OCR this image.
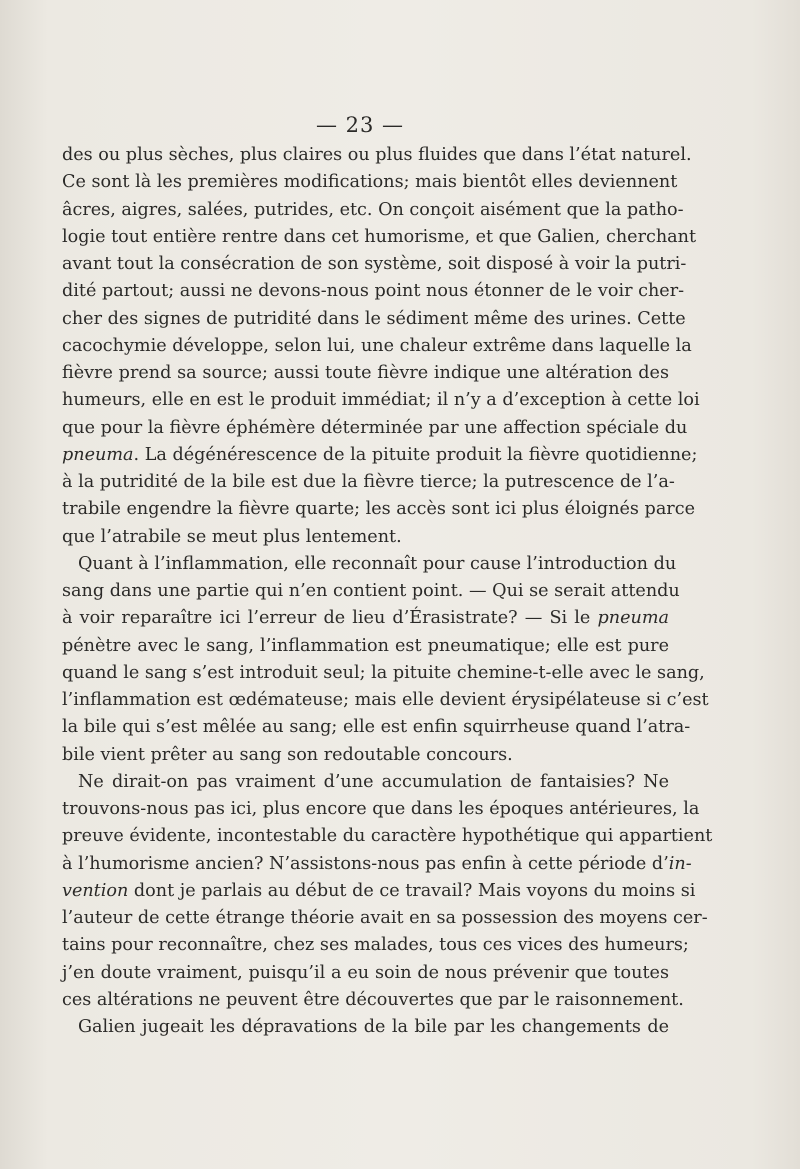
— 23 —
des ou plus sèches, plus claires ou plus fluides que dans l’état naturel.
Ce sont là les premières modifications; mais bientôt elles deviennent
âcres, aigres, salées, putrides, etc. On conçoit aisément que la patho-
logie tout entière rentre dans cet humorisme, et que Galien, cherchant
avant tout la consécration de son système, soit disposé à voir la putri-
dité partout; aussi ne devons-nous point nous étonner de le voir cher-
cher des signes de putridité dans le sédiment même des urines. Cette
cacochymie développe, selon lui, une chaleur extrême dans laquelle la
fièvre prend sa source; aussi toute fièvre indique une altération des
humeurs, elle en est le produit immédiat; il n’y a d’exception à cette loi
que pour la fièvre éphémère déterminée par une affection spéciale du
pneuma. La dégénérescence de la pituite produit la fièvre quotidienne;
à la putridité de la bile est due la fièvre tierce; la putrescence de l’a-
trabile engendre la fièvre quarte; les accès sont ici plus éloignés parce
que l’atrabile se meut plus lentement.
Quant à l’inflammation, elle reconnaît pour cause l’introduction du
sang dans une partie qui n’en contient point. — Qui se serait attendu
à voir reparaître ici l’erreur de lieu d’Érasistrate? — Si le pneuma
pénètre avec le sang, l’inflammation est pneumatique; elle est pure
quand le sang s’est introduit seul; la pituite chemine-t-elle avec le sang,
l’inflammation est œdémateuse; mais elle devient érysipélateuse si c’est
la bile qui s’est mêlée au sang; elle est enfin squirrheuse quand l’atra-
bile vient prêter au sang son redoutable concours.
Ne dirait-on pas vraiment d’une accumulation de fantaisies? Ne
trouvons-nous pas ici, plus encore que dans les époques antérieures, la
preuve évidente, incontestable du caractère hypothétique qui appartient
à l’humorisme ancien? N’assistons-nous pas enfin à cette période d’in-
vention dont je parlais au début de ce travail? Mais voyons du moins si
l’auteur de cette étrange théorie avait en sa possession des moyens cer-
tains pour reconnaître, chez ses malades, tous ces vices des humeurs;
j’en doute vraiment, puisqu’il a eu soin de nous prévenir que toutes
ces altérations ne peuvent être découvertes que par le raisonnement.
Galien jugeait les dépravations de la bile par les changements de
